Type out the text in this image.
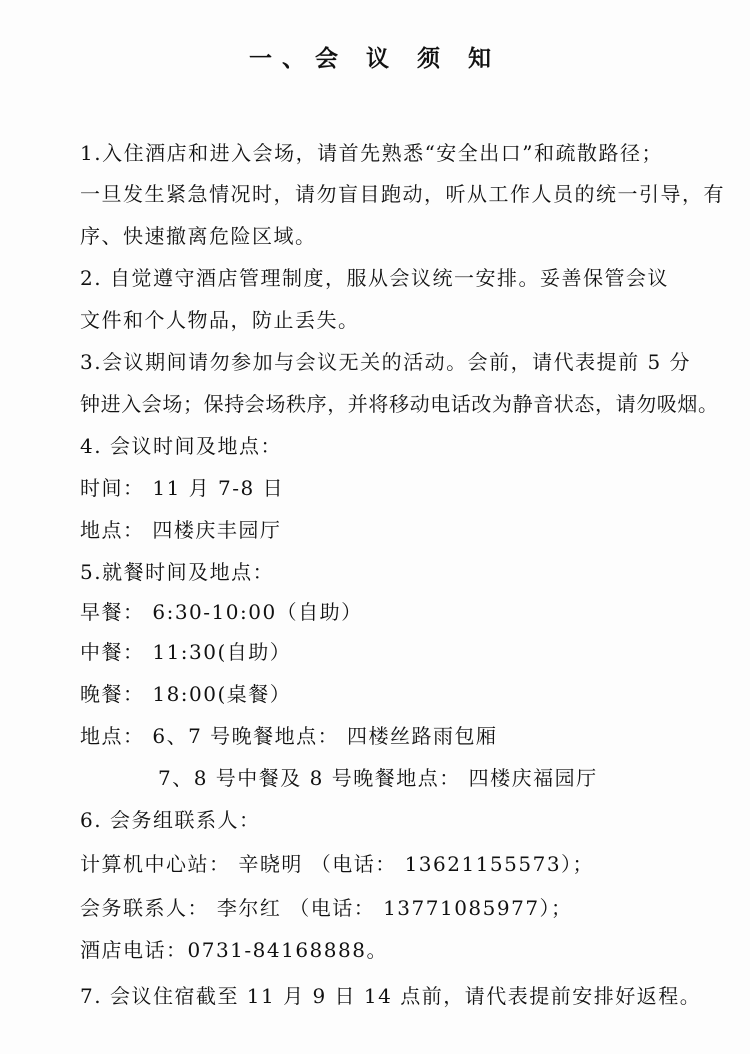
一、会 议 须 知
1.入住酒店和进入会场，请首先熟悉“安全出口”和疏散路径；
一旦发生紧急情况时，请勿盲目跑动，听从工作人员的统一引导，有
序、快速撤离危险区域。
2. 自觉遵守酒店管理制度，服从会议统一安排。妥善保管会议
文件和个人物品，防止丢失。
3.会议期间请勿参加与会议无关的活动。会前，请代表提前 5 分
钟进入会场；保持会场秩序，并将移动电话改为静音状态，请勿吸烟。
4. 会议时间及地点：
时间： 11 月 7-8 日
地点： 四楼庆丰园厅
5.就餐时间及地点：
早餐： 6:30-10:00（自助）
中餐： 11:30(自助）
晚餐： 18:00(桌餐）
地点： 6、7 号晚餐地点： 四楼丝路雨包厢
7、8 号中餐及 8 号晚餐地点： 四楼庆福园厅
6. 会务组联系人：
计算机中心站： 辛晓明 （电话： 13621155573）；
会务联系人： 李尔红 （电话： 13771085977）；
酒店电话：0731-84168888。
7. 会议住宿截至 11 月 9 日 14 点前，请代表提前安排好返程。
